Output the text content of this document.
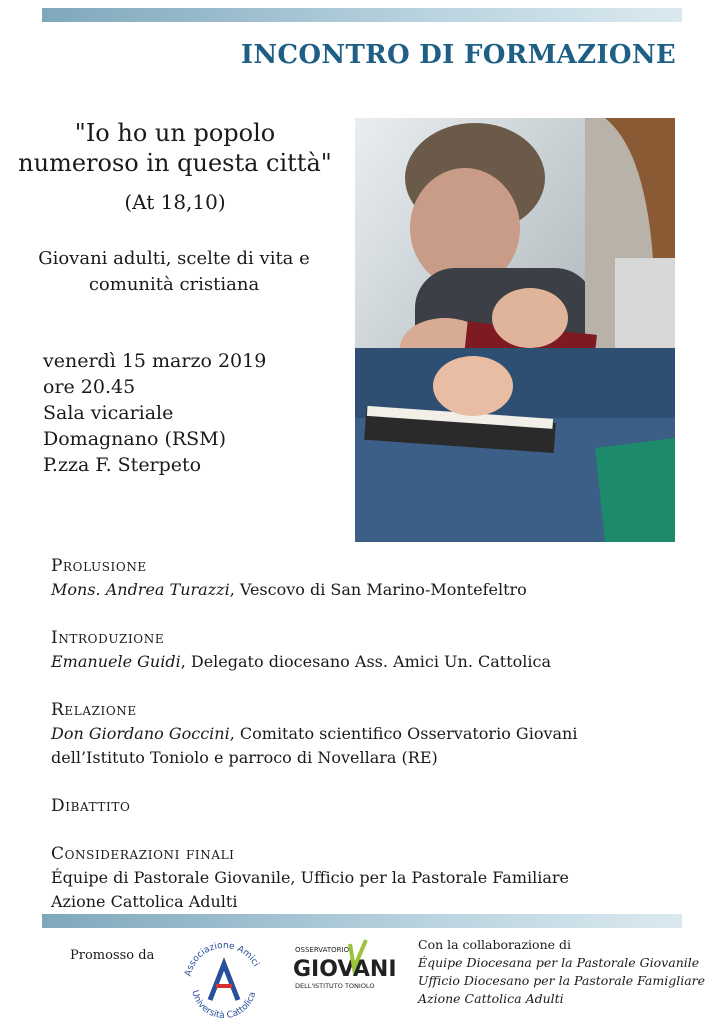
INCONTRO DI FORMAZIONE
"Io ho un popolo
numeroso in questa città"
(At 18,10)
Giovani adulti, scelte di vita e
comunità cristiana
venerdì 15 marzo 2019
ore 20.45
Sala vicariale
Domagnano (RSM)
P.zza F. Sterpeto
Prolusione
Mons. Andrea Turazzi, Vescovo di San Marino-Montefeltro
Introduzione
Emanuele Guidi, Delegato diocesano Ass. Amici Un. Cattolica
Relazione
Don Giordano Goccini, Comitato scientifico Osservatorio Giovani
dell’Istituto Toniolo e parroco di Novellara (RE)
Dibattito
Considerazioni finali
Équipe di Pastorale Giovanile, Ufficio per la Pastorale Familiare
Azione Cattolica Adulti
Promosso da
Associazione Amici
Università Cattolica
OSSERVATORIO
GIOVANI
DELL'ISTITUTO TONIOLO
Con la collaborazione di
Équipe Diocesana per la Pastorale Giovanile
Ufficio Diocesano per la Pastorale Famigliare
Azione Cattolica Adulti
